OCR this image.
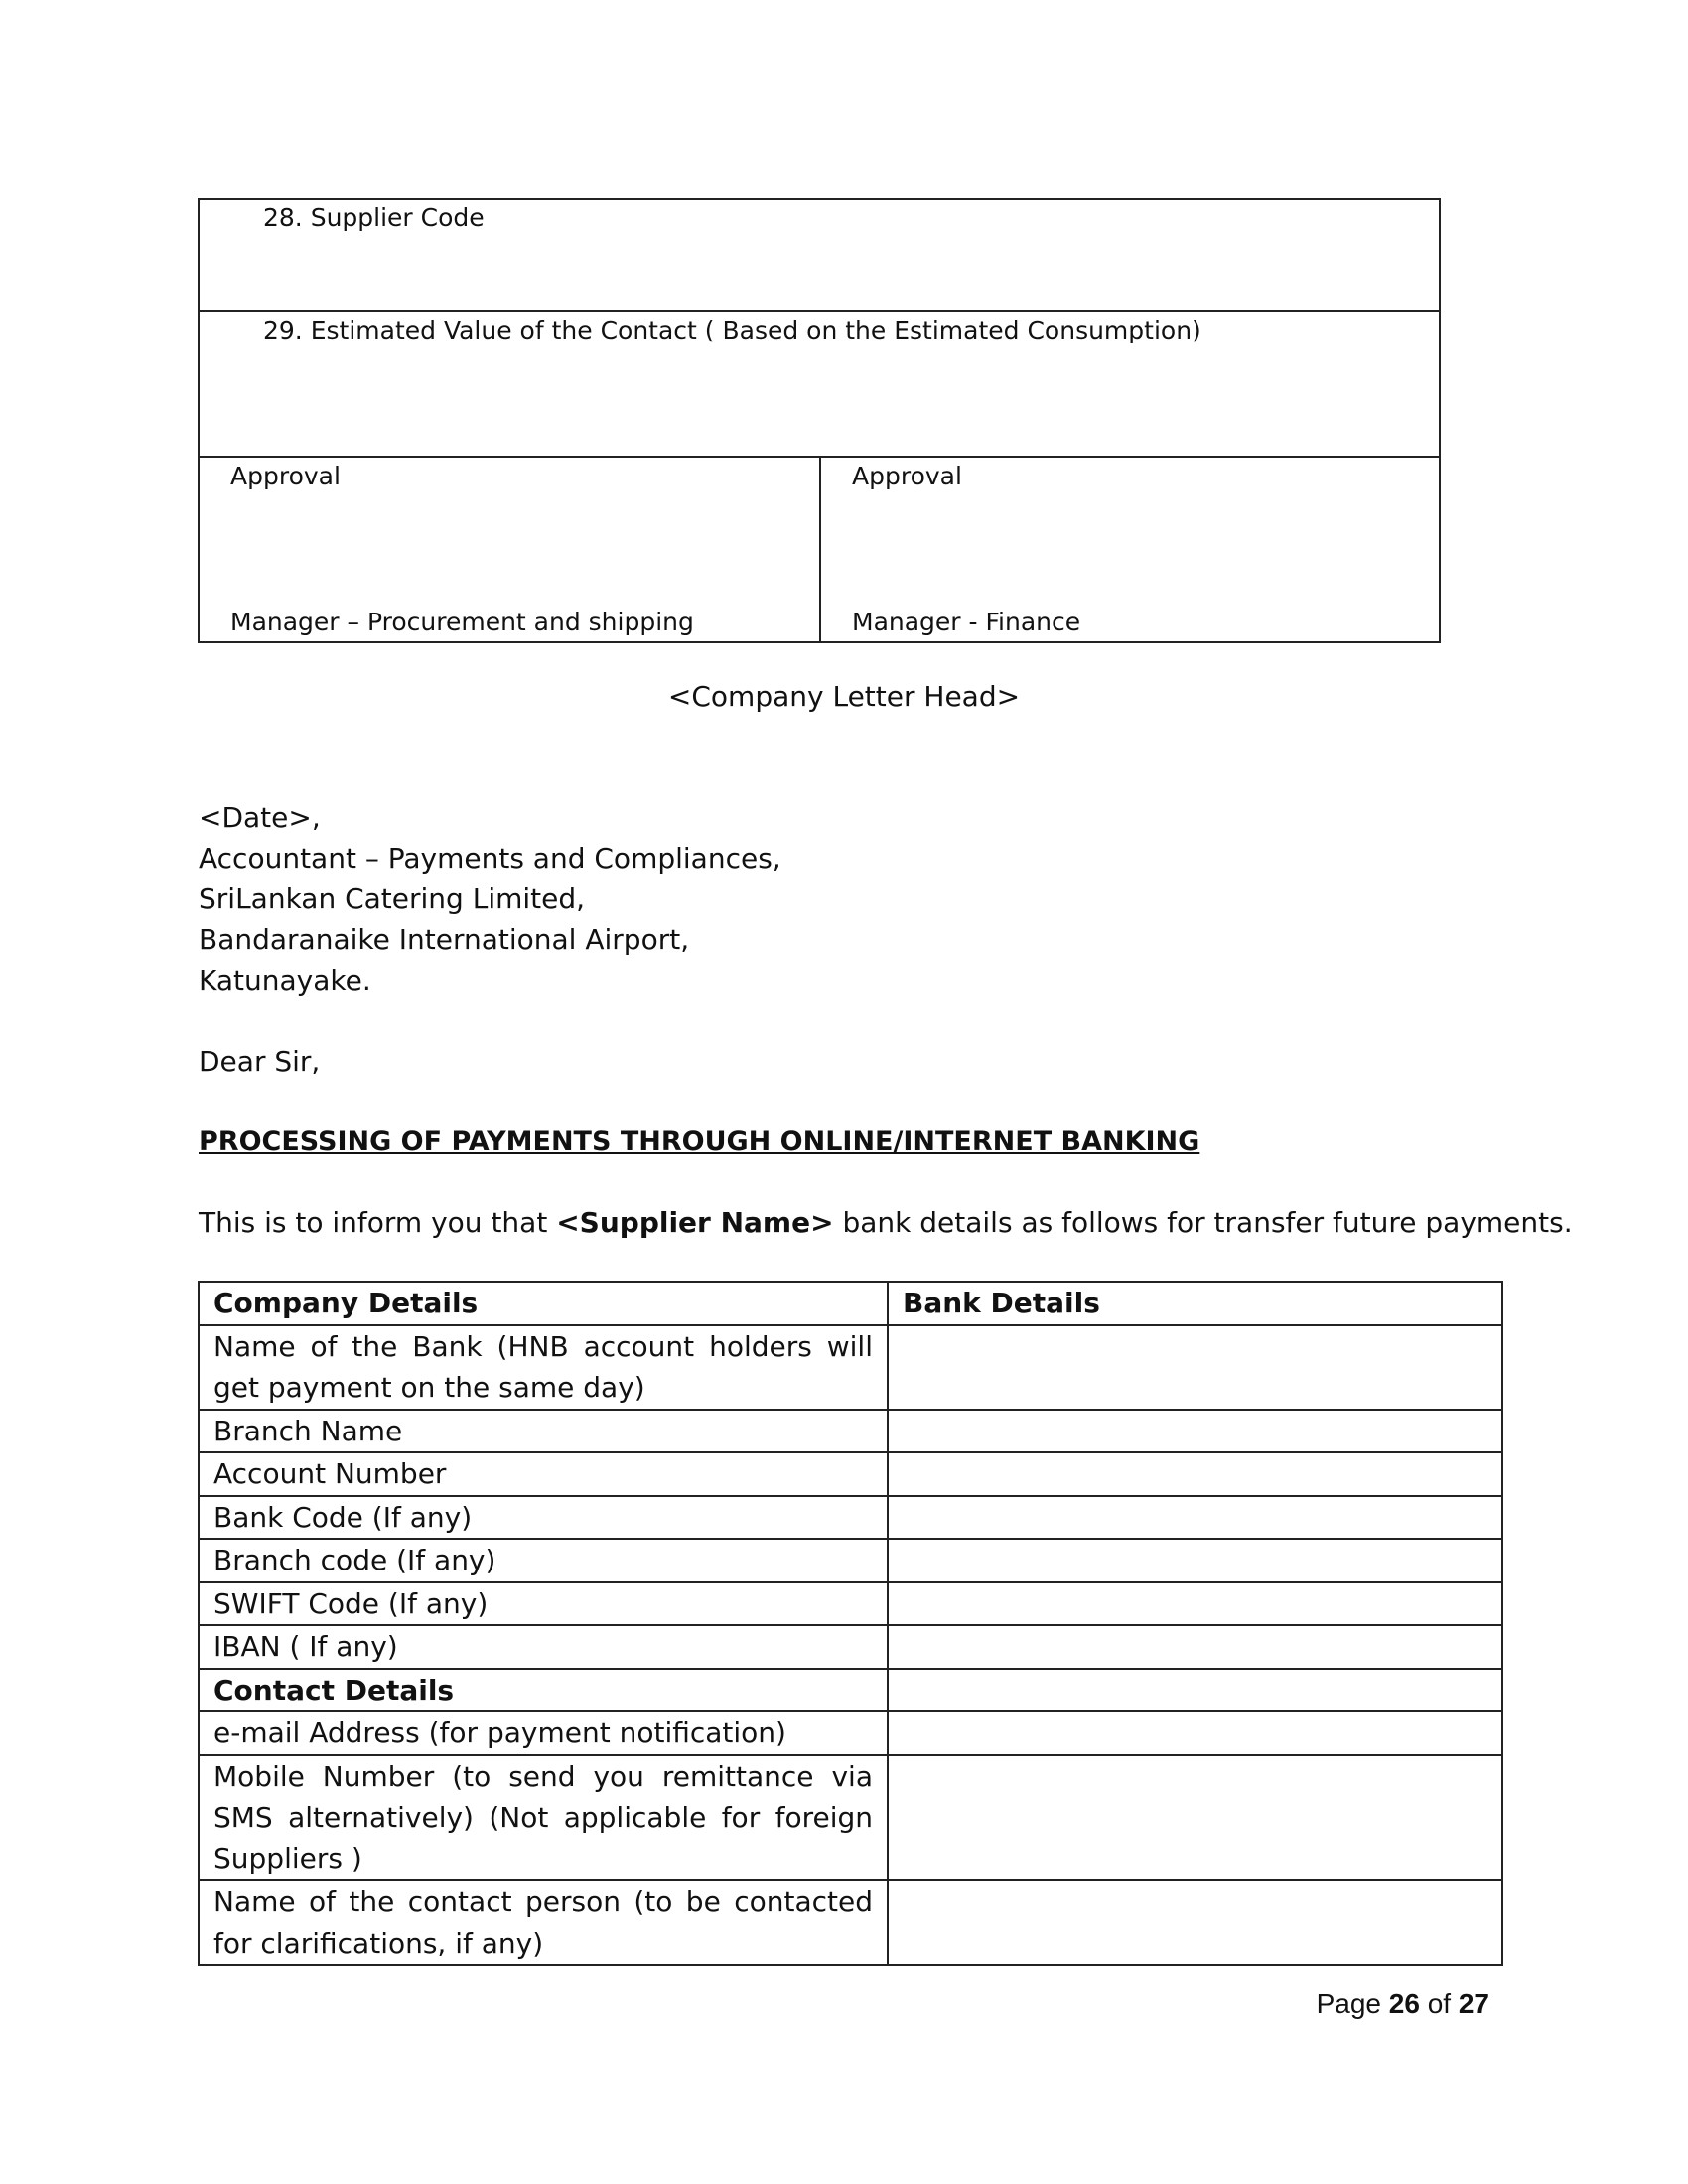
28. Supplier Code
29. Estimated Value of the Contact ( Based on the Estimated Consumption)
Approval
Manager – Procurement and shipping
Approval
Manager - Finance
<Company Letter Head>
<Date>,
Accountant – Payments and Compliances,
SriLankan Catering Limited,
Bandaranaike International Airport,
Katunayake.
Dear Sir,
PROCESSING OF PAYMENTS THROUGH ONLINE/INTERNET BANKING
This is to inform you that <Supplier Name> bank details as follows for transfer future payments.
Company Details	Bank Details
Name of the Bank (HNB account holders will get payment on the same day)	
Branch Name	
Account Number	
Bank Code (If any)	
Branch code (If any)	
SWIFT Code (If any)	
IBAN ( If any)	
Contact Details	
e-mail Address (for payment notification)	
Mobile Number (to send you remittance via SMS alternatively) (Not applicable for foreign Suppliers )	
Name of the contact person (to be contacted for clarifications, if any)	
Page 26 of 27
